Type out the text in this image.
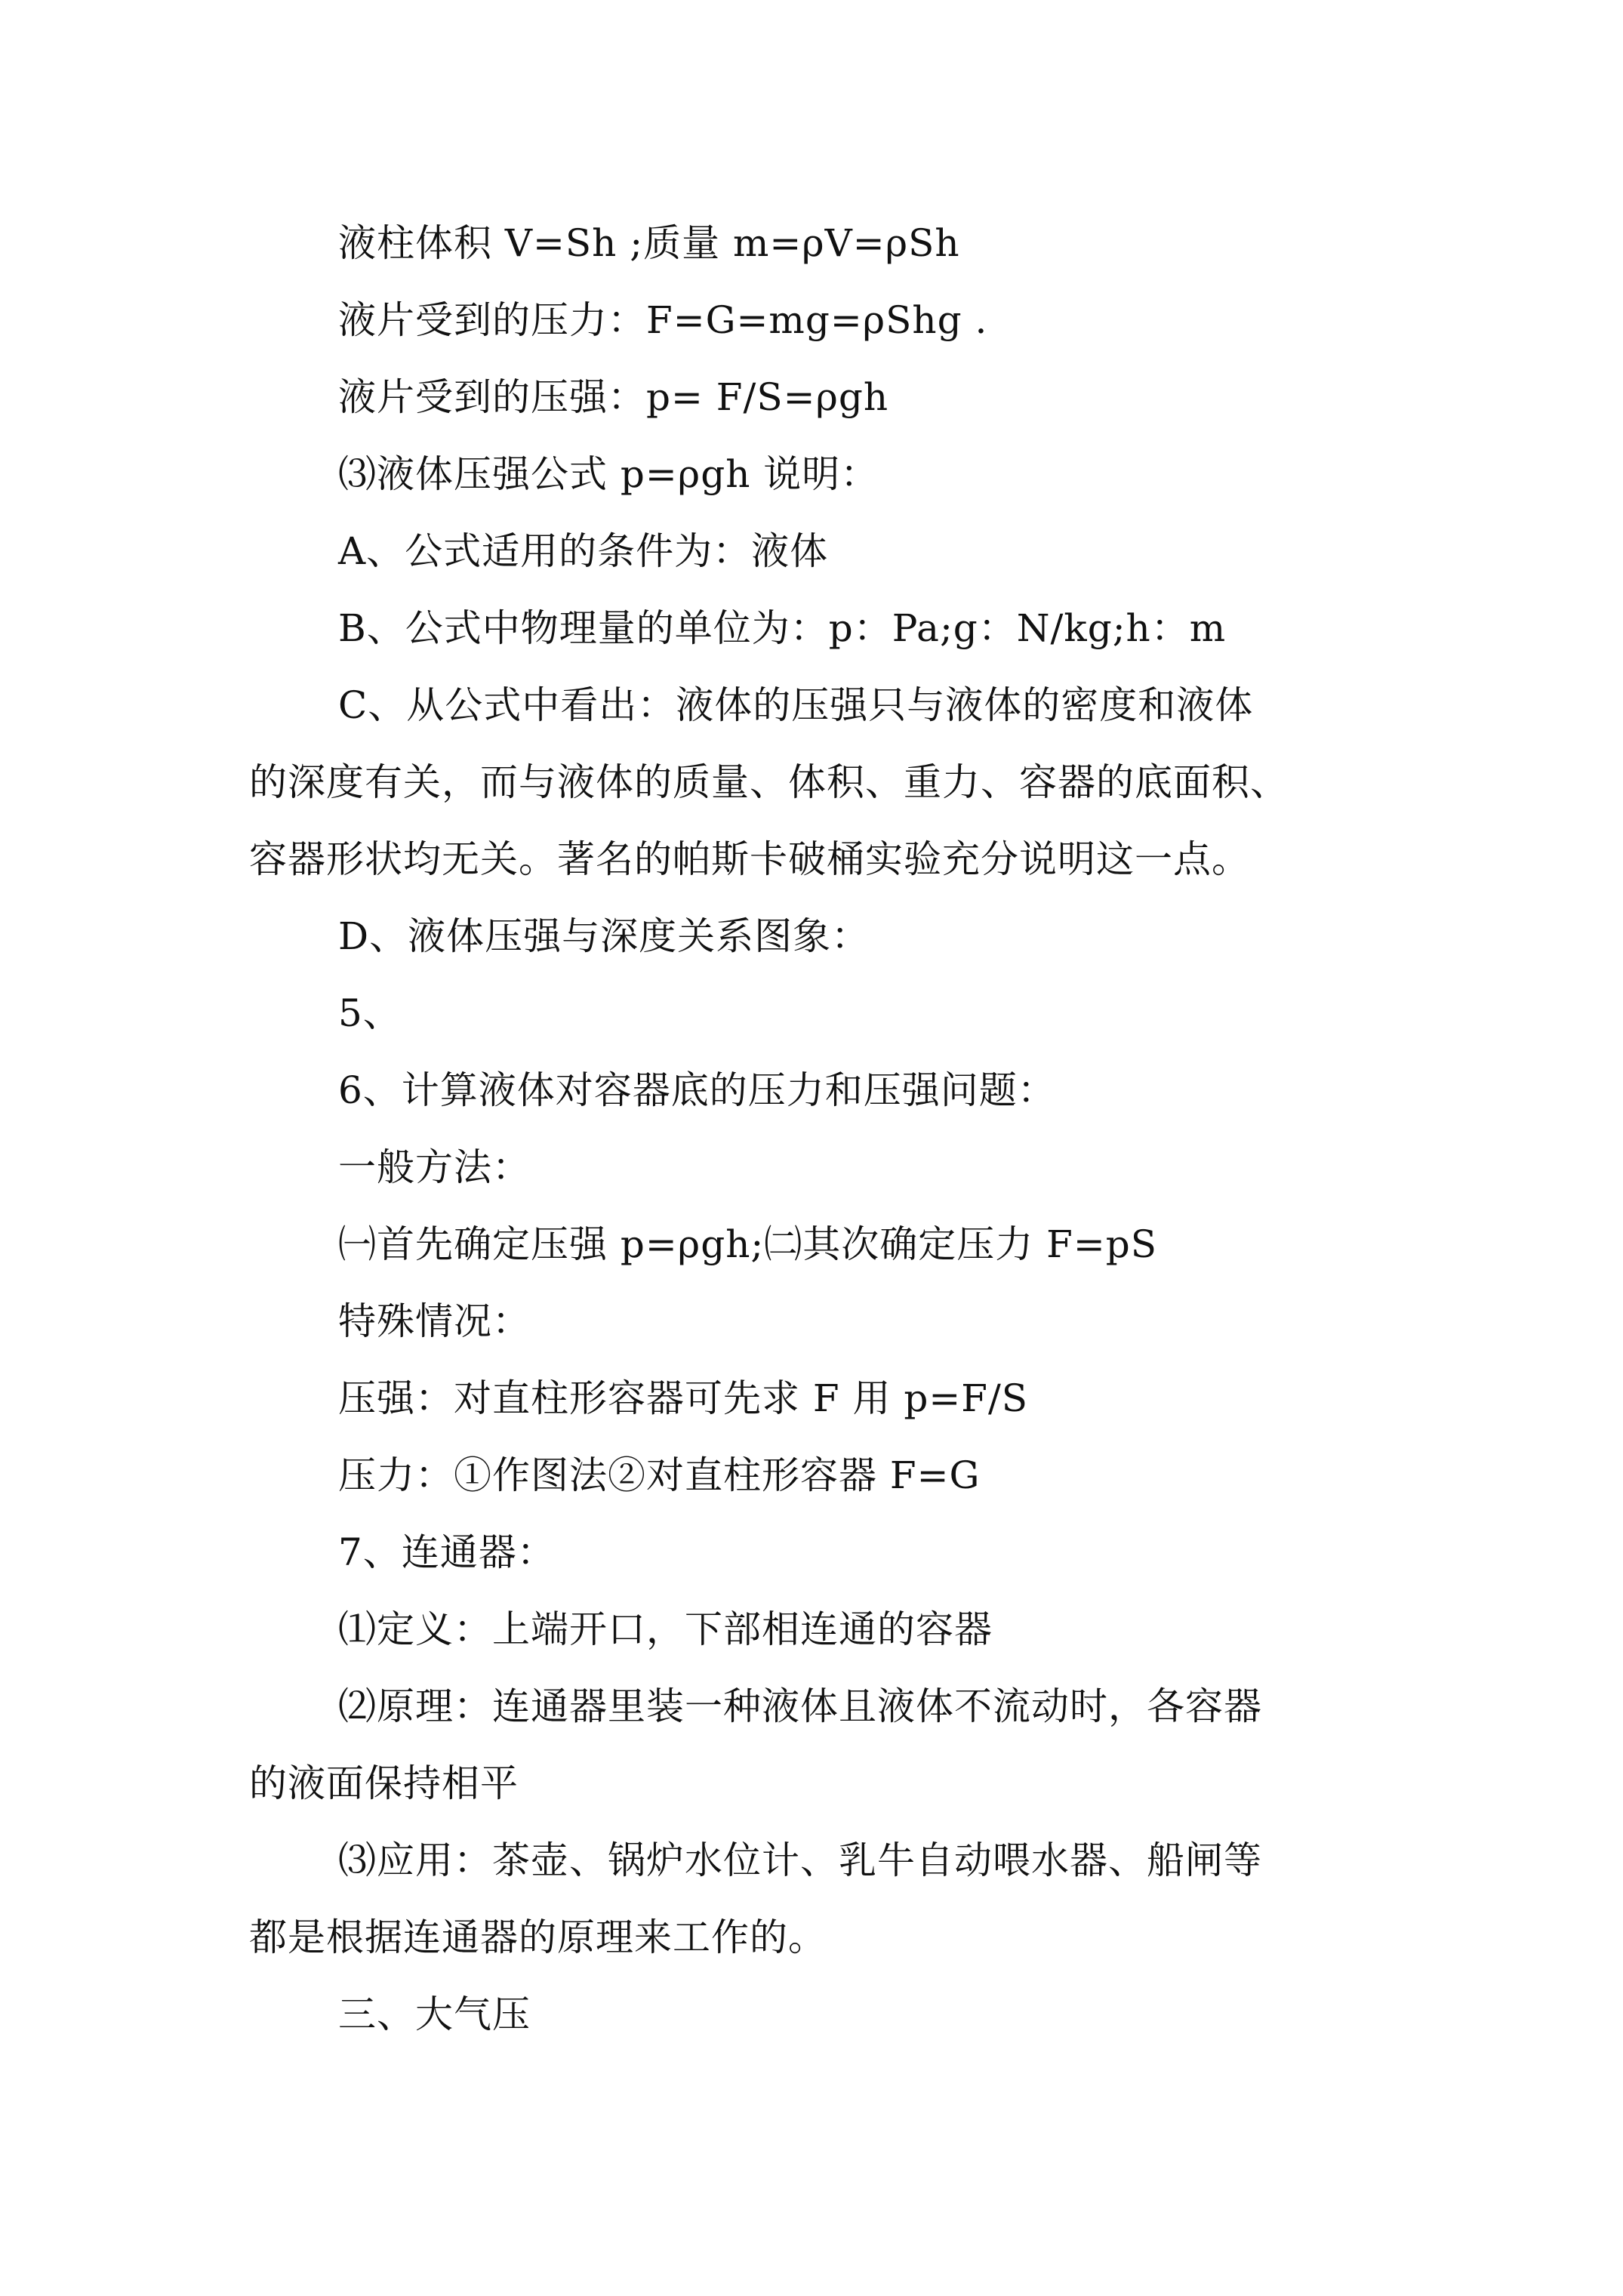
液柱体积 V=Sh ;质量 m=ρV=ρSh
液片受到的压力：F=G=mg=ρShg .
液片受到的压强：p= F/S=ρgh
⑶液体压强公式 p=ρgh 说明：
A、公式适用的条件为：液体
B、公式中物理量的单位为：p：Pa;g：N/kg;h：m
C、从公式中看出：液体的压强只与液体的密度和液体
的深度有关，而与液体的质量、体积、重力、容器的底面积、
容器形状均无关。著名的帕斯卡破桶实验充分说明这一点。
D、液体压强与深度关系图象：
5、
6、计算液体对容器底的压力和压强问题：
一般方法：
㈠首先确定压强 p=ρgh;㈡其次确定压力 F=pS
特殊情况：
压强：对直柱形容器可先求 F 用 p=F/S
压力：①作图法②对直柱形容器 F=G
7、连通器：
⑴定义：上端开口，下部相连通的容器
⑵原理：连通器里装一种液体且液体不流动时，各容器
的液面保持相平
⑶应用：茶壶、锅炉水位计、乳牛自动喂水器、船闸等
都是根据连通器的原理来工作的。
三、大气压
